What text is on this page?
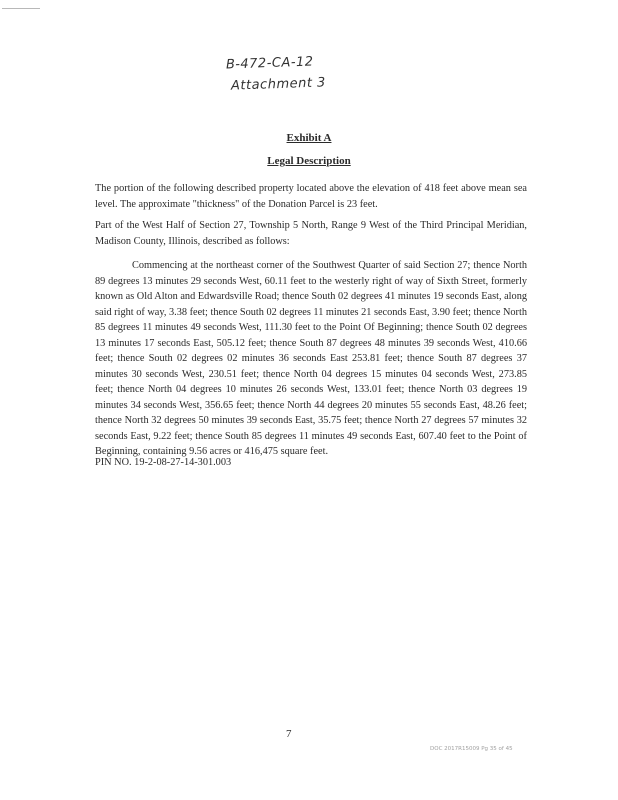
B-472-CA-12
Attachment 3
Exhibit A
Legal Description
The portion of the following described property located above the elevation of 418 feet above mean sea level. The approximate "thickness" of the Donation Parcel is 23 feet.
Part of the West Half of Section 27, Township 5 North, Range 9 West of the Third Principal Meridian, Madison County, Illinois, described as follows:
Commencing at the northeast corner of the Southwest Quarter of said Section 27; thence North 89 degrees 13 minutes 29 seconds West, 60.11 feet to the westerly right of way of Sixth Street, formerly known as Old Alton and Edwardsville Road; thence South 02 degrees 41 minutes 19 seconds East, along said right of way, 3.38 feet; thence South 02 degrees 11 minutes 21 seconds East, 3.90 feet; thence North 85 degrees 11 minutes 49 seconds West, 111.30 feet to the Point Of Beginning; thence South 02 degrees 13 minutes 17 seconds East, 505.12 feet; thence South 87 degrees 48 minutes 39 seconds West, 410.66 feet; thence South 02 degrees 02 minutes 36 seconds East 253.81 feet; thence South 87 degrees 37 minutes 30 seconds West, 230.51 feet; thence North 04 degrees 15 minutes 04 seconds West, 273.85 feet; thence North 04 degrees 10 minutes 26 seconds West, 133.01 feet; thence North 03 degrees 19 minutes 34 seconds West, 356.65 feet; thence North 44 degrees 20 minutes 55 seconds East, 48.26 feet; thence North 32 degrees 50 minutes 39 seconds East, 35.75 feet; thence North 27 degrees 57 minutes 32 seconds East, 9.22 feet; thence South 85 degrees 11 minutes 49 seconds East, 607.40 feet to the Point of Beginning, containing 9.56 acres or 416,475 square feet.
PIN NO. 19-2-08-27-14-301.003
7
DOC 2017R15009 Pg 35 of 45
